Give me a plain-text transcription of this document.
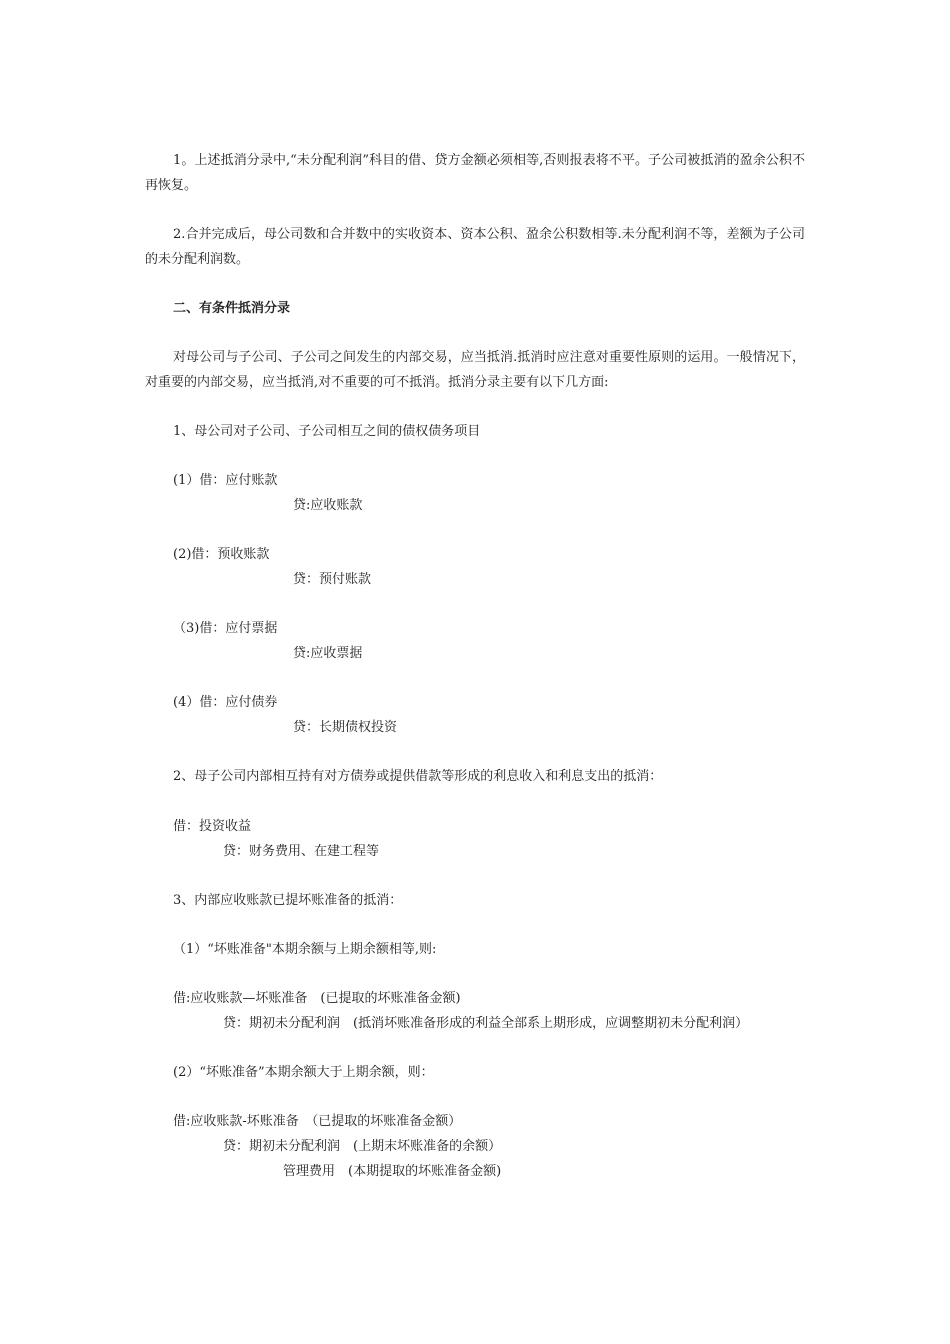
1。上述抵消分录中,“未分配利润”科目的借、贷方金额必须相等,否则报表将不平。子公司被抵消的盈余公积不再恢复。

2.合并完成后，母公司数和合并数中的实收资本、资本公积、盈余公积数相等.未分配利润不等，差额为子公司的未分配利润数。

二、有条件抵消分录

对母公司与子公司、子公司之间发生的内部交易，应当抵消.抵消时应注意对重要性原则的运用。一般情况下，对重要的内部交易，应当抵消,对不重要的可不抵消。抵消分录主要有以下几方面:

1、母公司对子公司、子公司相互之间的债权债务项目

(1）借：应付账款

贷:应收账款

(2)借：预收账款

贷：预付账款

（3)借：应付票据

贷:应收票据

(4）借：应付债券

贷：长期债权投资

2、母子公司内部相互持有对方债券或提供借款等形成的利息收入和利息支出的抵消：

借：投资收益

贷：财务费用、在建工程等

3、内部应收账款已提坏账准备的抵消：

（1）“坏账准备"本期余额与上期余额相等,则:

借:应收账款—坏账准备　(已提取的坏账准备金额)

贷：期初未分配利润　(抵消坏账准备形成的利益全部系上期形成，应调整期初未分配利润）

(2）“坏账准备”本期余额大于上期余额，则：

借:应收账款-坏账准备　（已提取的坏账准备金额）

贷：期初未分配利润　(上期末坏账准备的余额）

管理费用　(本期提取的坏账准备金额)
